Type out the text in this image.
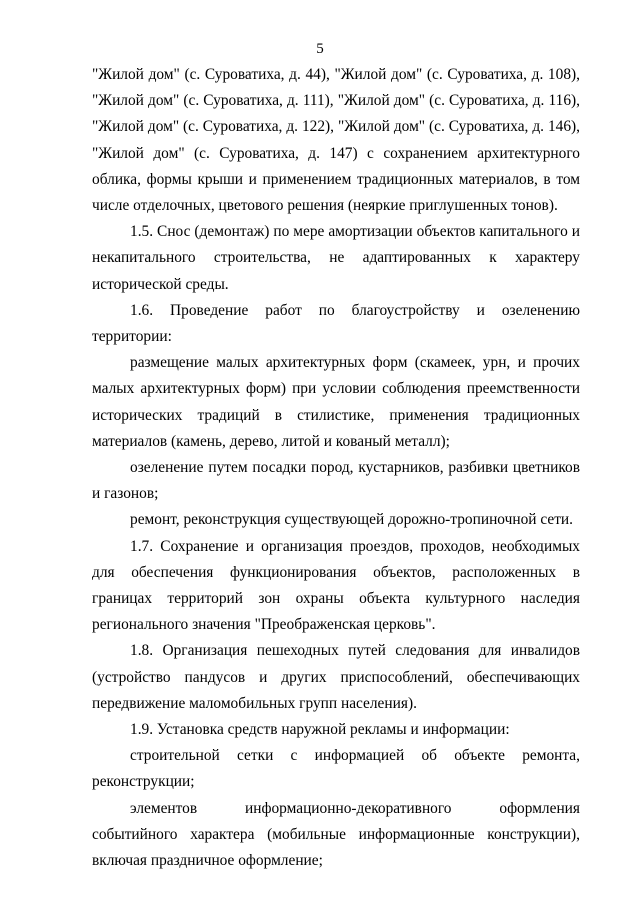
5

"Жилой дом" (с. Суроватиха, д. 44), "Жилой дом" (с. Суроватиха, д. 108), "Жилой дом" (с. Суроватиха, д. 111), "Жилой дом" (с. Суроватиха, д. 116), "Жилой дом" (с. Суроватиха, д. 122), "Жилой дом" (с. Суроватиха, д. 146), "Жилой дом" (с. Суроватиха, д. 147) с сохранением архитектурного облика, формы крыши и применением традиционных материалов, в том числе отделочных, цветового решения (неяркие приглушенных тонов).

1.5. Снос (демонтаж) по мере амортизации объектов капитального и некапитального строительства, не адаптированных к характеру исторической среды.

1.6. Проведение работ по благоустройству и озеленению территории:

размещение малых архитектурных форм (скамеек, урн, и прочих малых архитектурных форм) при условии соблюдения преемственности исторических традиций в стилистике, применения традиционных материалов (камень, дерево, литой и кованый металл);

озеленение путем посадки пород, кустарников, разбивки цветников и газонов;

ремонт, реконструкция существующей дорожно-тропиночной сети.

1.7. Сохранение и организация проездов, проходов, необходимых для обеспечения функционирования объектов, расположенных в границах территорий зон охраны объекта культурного наследия регионального значения "Преображенская церковь".

1.8. Организация пешеходных путей следования для инвалидов (устройство пандусов и других приспособлений, обеспечивающих передвижение маломобильных групп населения).

1.9. Установка средств наружной рекламы и информации:

строительной сетки с информацией об объекте ремонта, реконструкции;

элементов информационно-декоративного оформления событийного характера (мобильные информационные конструкции), включая праздничное оформление;
